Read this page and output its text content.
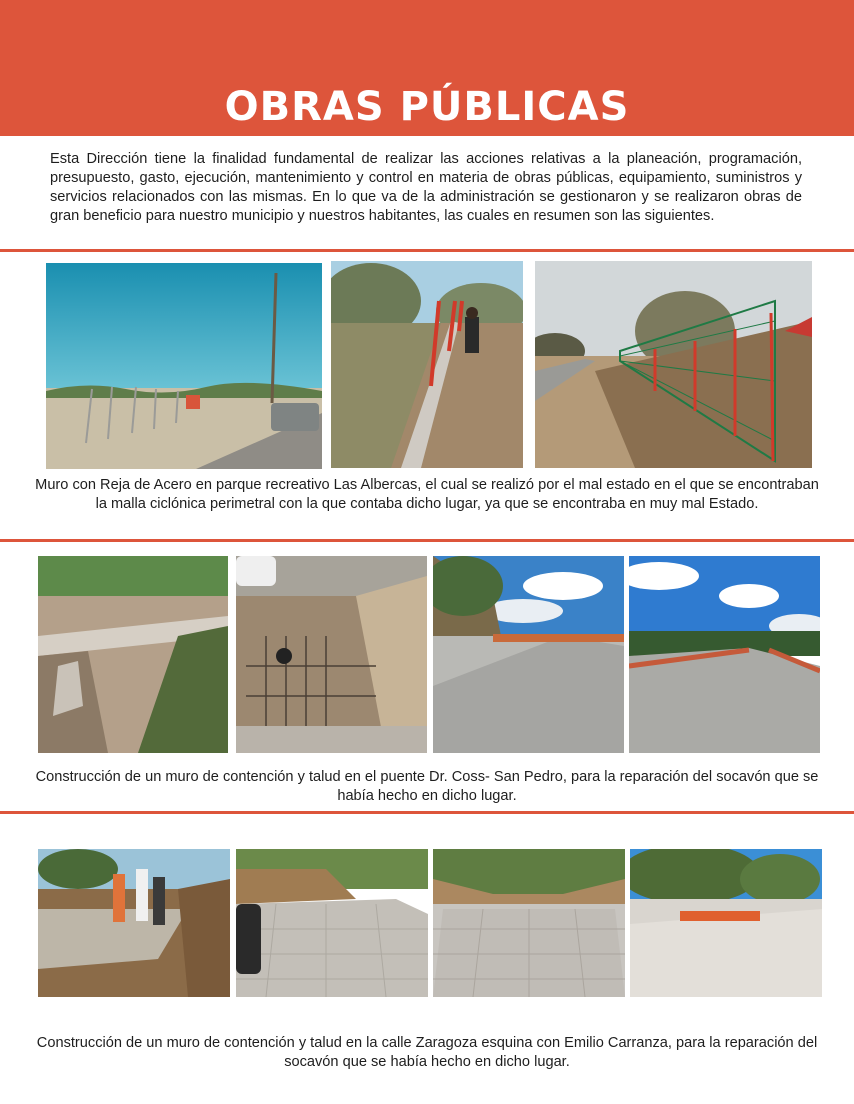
OBRAS PÚBLICAS
Esta Dirección tiene la finalidad fundamental de realizar las acciones relativas a la planeación, programación, presupuesto, gasto, ejecución, mantenimiento y control en materia de obras públicas, equipamiento, suministros y servicios relacionados con las mismas. En lo que va de la administración se gestionaron y se realizaron obras de gran beneficio para nuestro municipio y nuestros habitantes, las cuales en resumen son las siguientes.
Muro con Reja de Acero en parque recreativo Las Albercas, el cual se realizó por el mal estado en el que se encontraban la malla ciclónica perimetral con la que contaba dicho lugar, ya que se encontraba en muy mal Estado.
Construcción de un muro de contención y talud en el puente Dr. Coss- San Pedro, para la reparación del socavón que se había hecho en dicho lugar.
Construcción de un muro de contención y talud en la calle Zaragoza esquina con Emilio Carranza, para la reparación del socavón que se había hecho en dicho lugar.
